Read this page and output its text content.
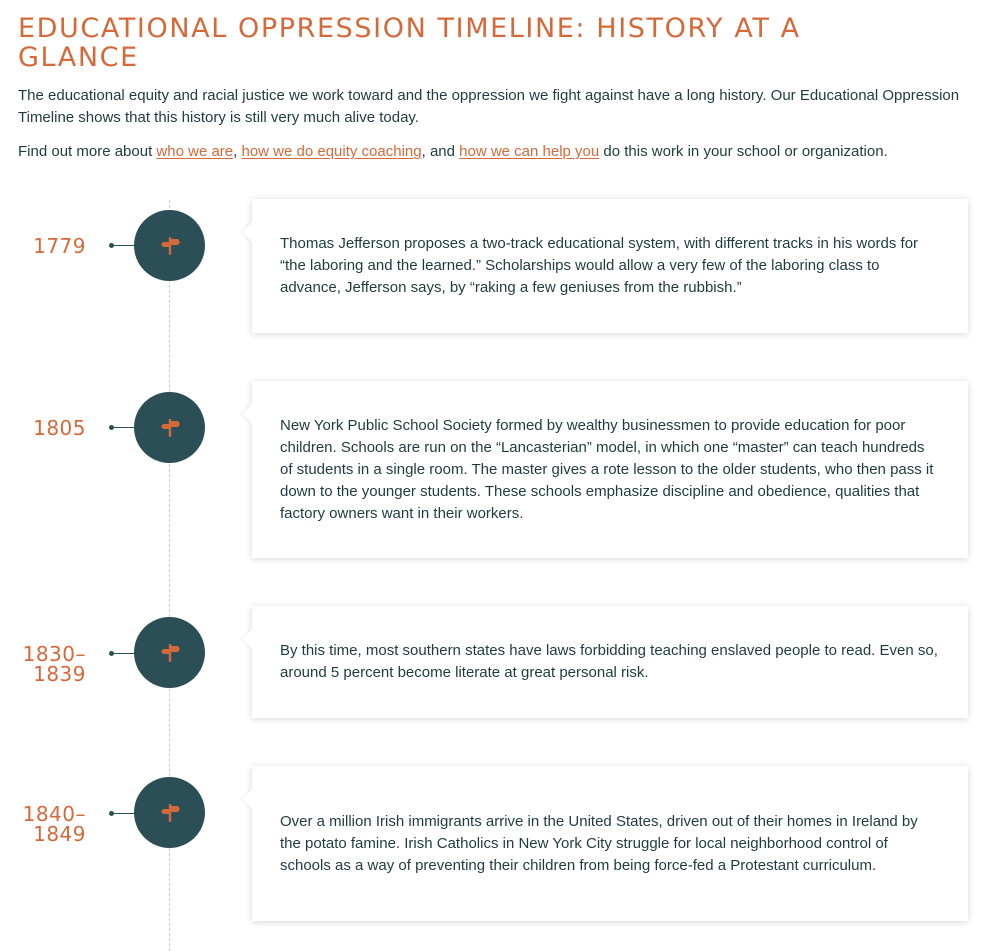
EDUCATIONAL OPPRESSION TIMELINE: HISTORY AT A GLANCE

The educational equity and racial justice we work toward and the oppression we fight against have a long history. Our Educational Oppression Timeline shows that this history is still very much alive today.

Find out more about who we are, how we do equity coaching, and how we can help you do this work in your school or organization.

1779	Thomas Jefferson proposes a two-track educational system, with different tracks in his words for “the laboring and the learned.” Scholarships would allow a very few of the laboring class to advance, Jefferson says, by “raking a few geniuses from the rubbish.”

1805	New York Public School Society formed by wealthy businessmen to provide education for poor children. Schools are run on the “Lancasterian” model, in which one “master” can teach hundreds of students in a single room. The master gives a rote lesson to the older students, who then pass it down to the younger students. These schools emphasize discipline and obedience, qualities that factory owners want in their workers.

1830–
1839

By this time, most southern states have laws forbidding teaching enslaved people to read. Even so, around 5 percent become literate at great personal risk.

1840–
1849

Over a million Irish immigrants arrive in the United States, driven out of their homes in Ireland by the potato famine. Irish Catholics in New York City struggle for local neighborhood control of schools as a way of preventing their children from being force-fed a Protestant curriculum.
